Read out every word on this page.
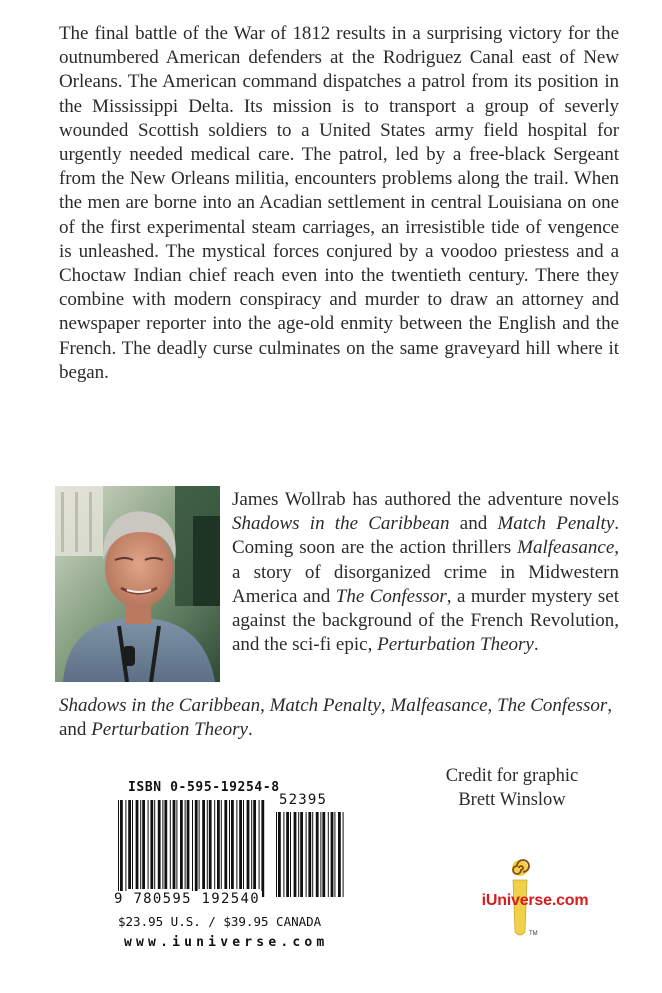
The final battle of the War of 1812 results in a surprising victory for the outnumbered American defenders at the Rodriguez Canal east of New Orleans. The American command dispatches a patrol from its position in the Mississippi Delta. Its mission is to transport a group of severly wounded Scottish soldiers to a United States army field hospital for urgently needed medical care. The patrol, led by a free-black Sergeant from the New Orleans militia, encounters problems along the trail. When the men are borne into an Acadian settlement in central Louisiana on one of the first experimental steam carriages, an irresistible tide of vengence is unleashed. The mystical forces conjured by a voodoo priestess and a Choctaw Indian chief reach even into the twentieth century. There they combine with modern conspiracy and murder to draw an attorney and newspaper reporter into the age-old enmity between the English and the French. The deadly curse culminates on the same graveyard hill where it began.

James Wollrab has authored the adventure novels Shadows in the Caribbean and Match Penalty. Coming soon are the action thrillers Malfeasance, a story of disorganized crime in Midwestern America and The Confessor, a murder mystery set against the background of the French Revolution, and the sci-fi epic, Perturbation Theory.

Shadows in the Caribbean, Match Penalty, Malfeasance, The Confessor,
and Perturbation Theory.

ISBN 0-595-19254-8
52395
9 780595 192540
$23.95 U.S. / $39.95 CANADA
www.iuniverse.com
Credit for graphic
Brett Winslow
TM
iUniverse.com
